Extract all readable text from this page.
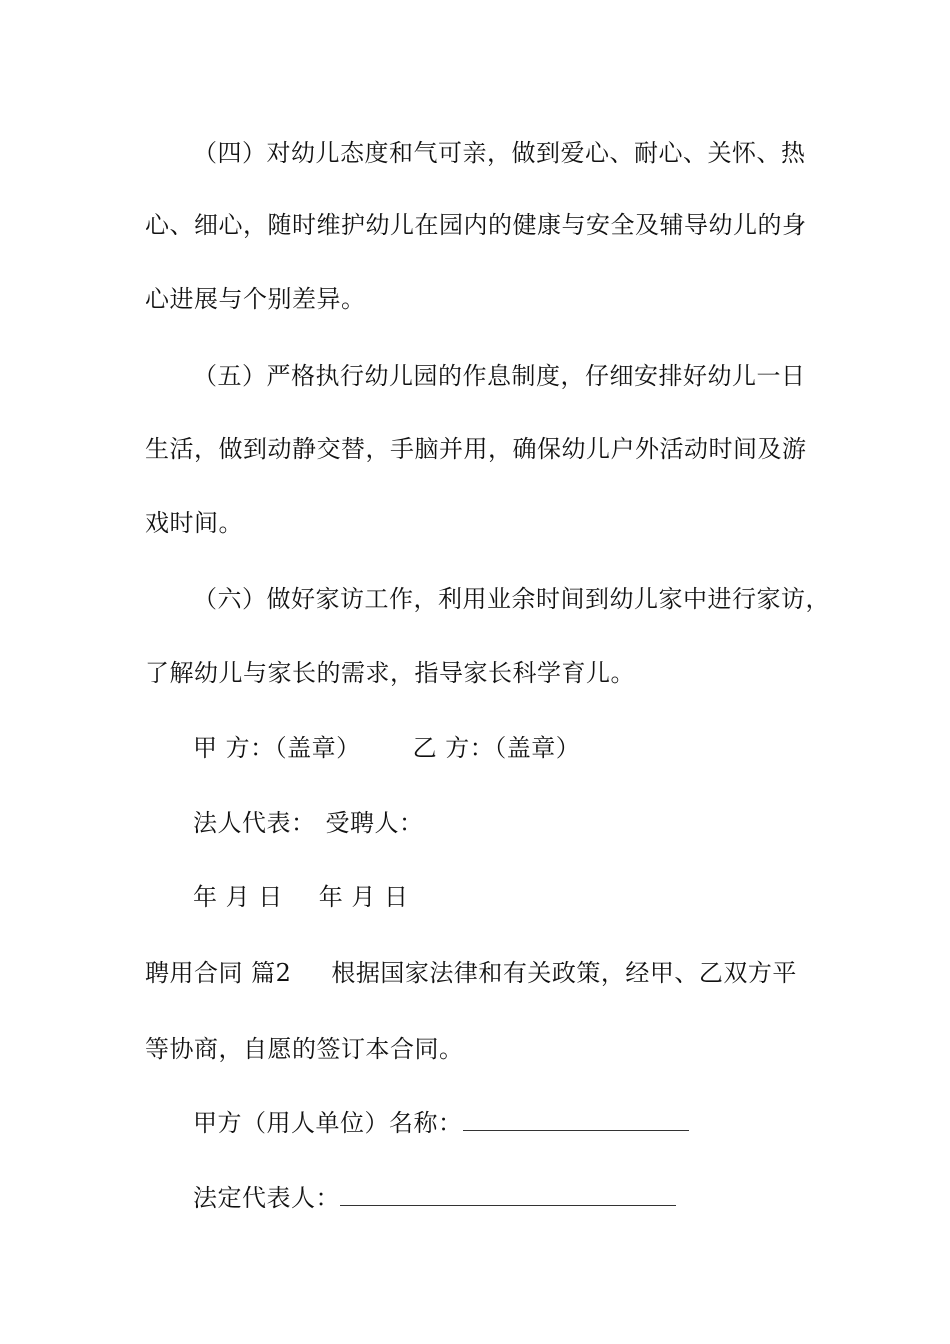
（四）对幼儿态度和气可亲，做到爱心、耐心、关怀、热
心、细心，随时维护幼儿在园内的健康与安全及辅导幼儿的身
心进展与个别差异。
（五）严格执行幼儿园的作息制度，仔细安排好幼儿一日
生活，做到动静交替，手脑并用，确保幼儿户外活动时间及游
戏时间。
（六）做好家访工作，利用业余时间到幼儿家中进行家访，
了解幼儿与家长的需求，指导家长科学育儿。
甲 方：（盖章） 乙 方：（盖章）
法人代表： 受聘人：
年 月 日 年 月 日
聘用合同 篇2 根据国家法律和有关政策，经甲、乙双方平
等协商，自愿的签订本合同。
甲方（用人单位）名称：
法定代表人：
